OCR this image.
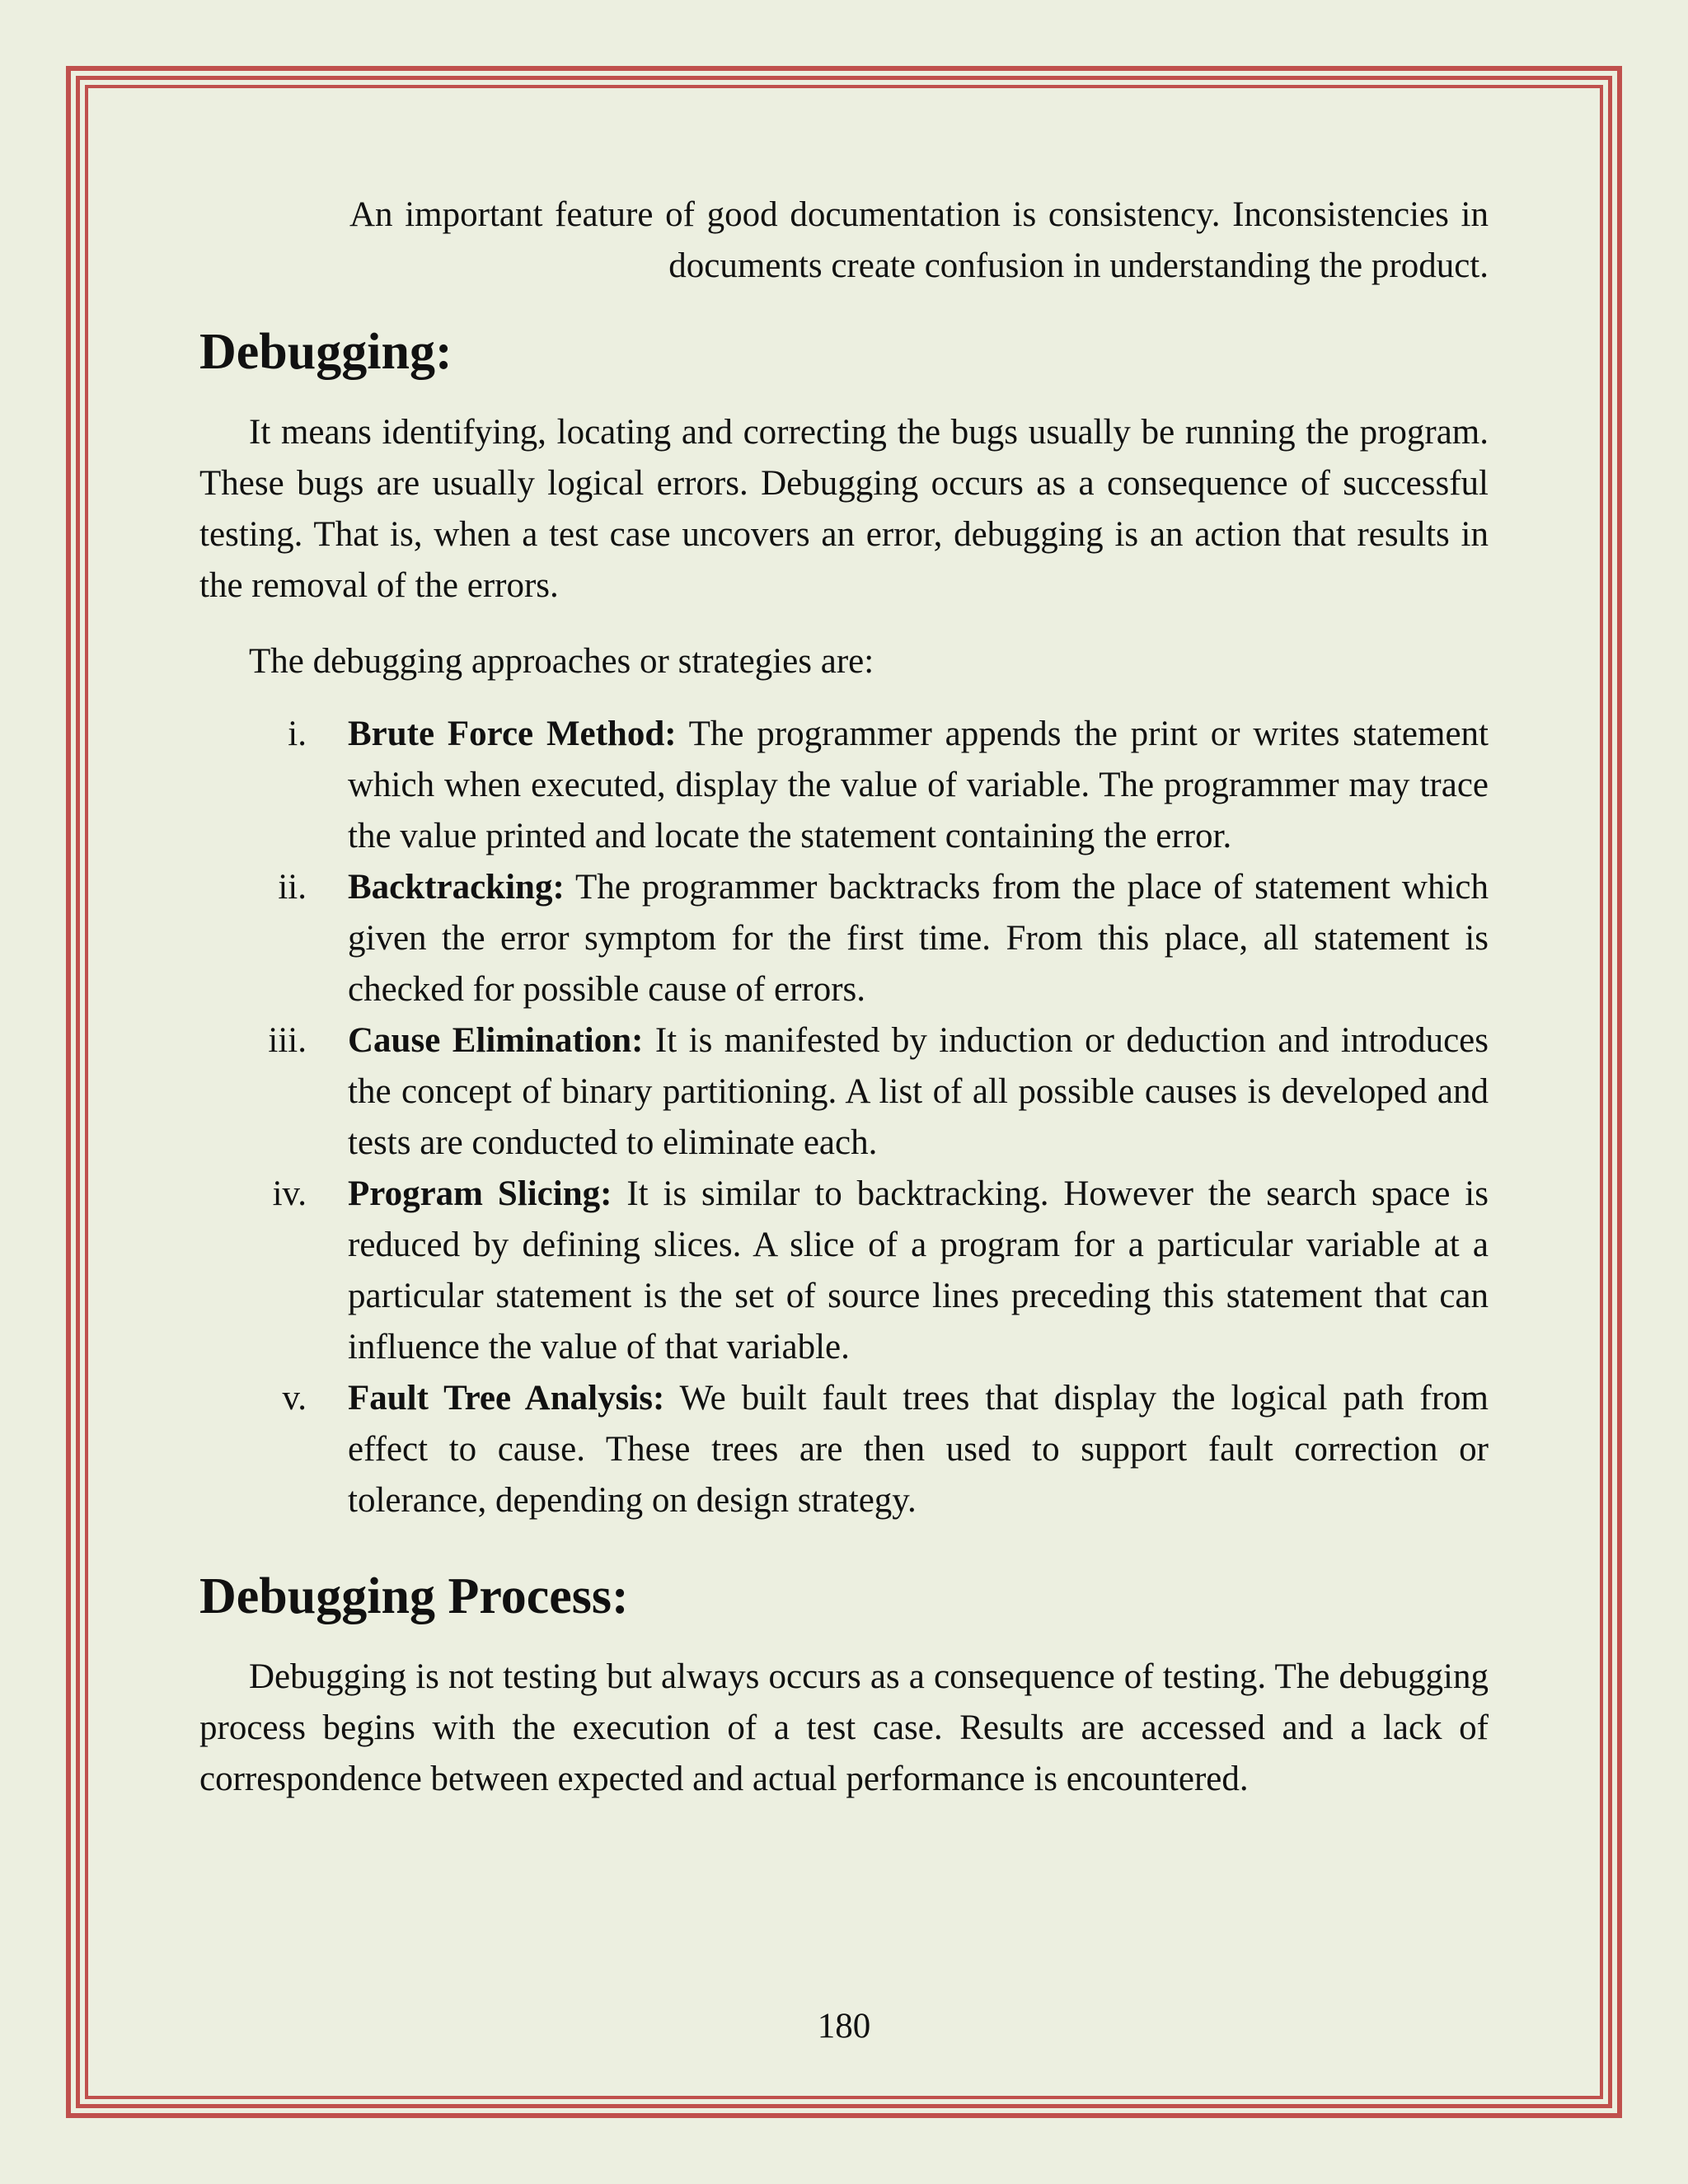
An important feature of good documentation is consistency. Inconsistencies in documents create confusion in understanding the product.

Debugging:

It means identifying, locating and correcting the bugs usually be running the program. These bugs are usually logical errors. Debugging occurs as a consequence of successful testing. That is, when a test case uncovers an error, debugging is an action that results in the removal of the errors.

The debugging approaches or strategies are:

i. Brute Force Method: The programmer appends the print or writes statement which when executed, display the value of variable. The programmer may trace the value printed and locate the statement containing the error.
ii. Backtracking: The programmer backtracks from the place of statement which given the error symptom for the first time. From this place, all statement is checked for possible cause of errors.
iii. Cause Elimination: It is manifested by induction or deduction and introduces the concept of binary partitioning. A list of all possible causes is developed and tests are conducted to eliminate each.
iv. Program Slicing: It is similar to backtracking. However the search space is reduced by defining slices. A slice of a program for a particular variable at a particular statement is the set of source lines preceding this statement that can influence the value of that variable.
v. Fault Tree Analysis: We built fault trees that display the logical path from effect to cause. These trees are then used to support fault correction or tolerance, depending on design strategy.
Debugging Process:

Debugging is not testing but always occurs as a consequence of testing. The debugging process begins with the execution of a test case. Results are accessed and a lack of correspondence between expected and actual performance is encountered.

180
